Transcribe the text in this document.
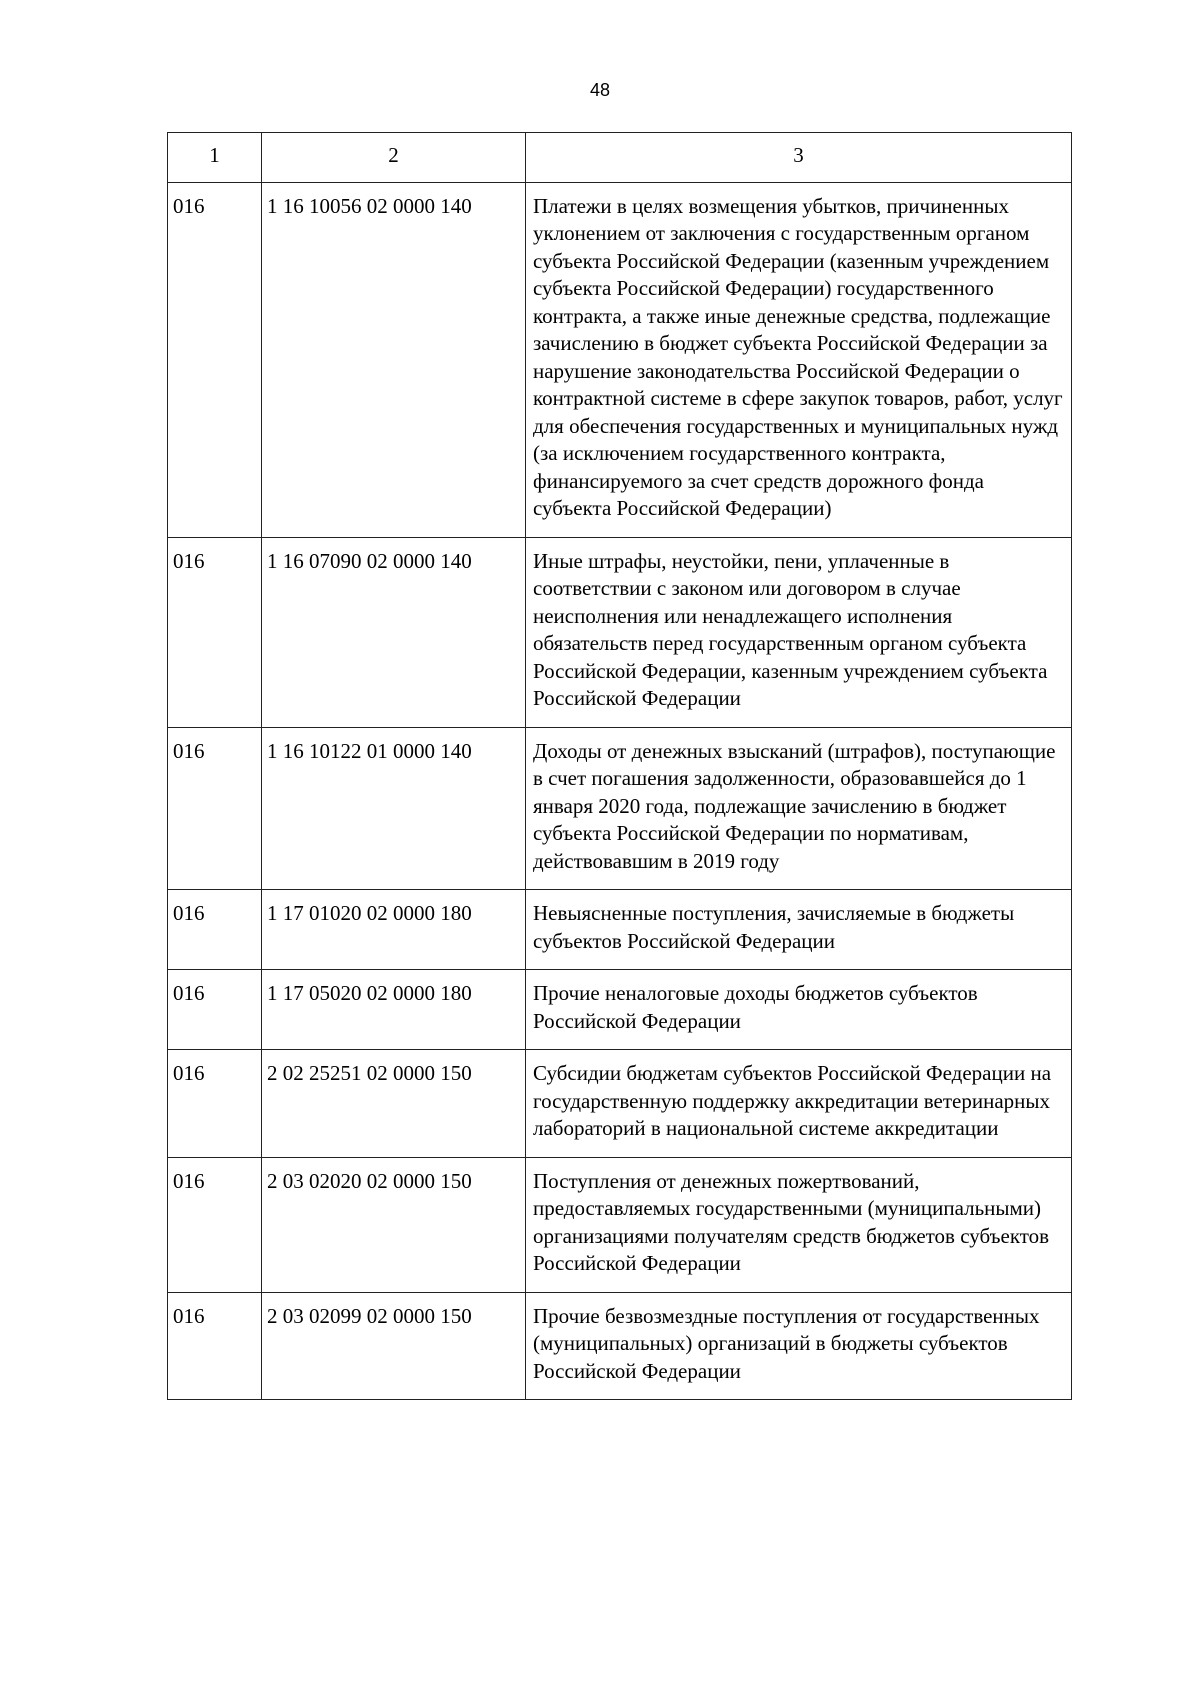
48
1	2	3
016	1 16 10056 02 0000 140	Платежи в целях возмещения убытков, причиненных уклонением от заключения с государственным органом субъекта Российской Федерации (казенным учреждением субъекта Российской Федерации) государственного контракта, а также иные денежные средства, подлежащие зачислению в бюджет субъекта Российской Федерации за нарушение законодательства Российской Федерации о контрактной системе в сфере закупок товаров, работ, услуг для обеспечения государственных и муниципальных нужд (за исключением государственного контракта, финансируемого за счет средств дорожного фонда субъекта Российской Федерации)
016	1 16 07090 02 0000 140	Иные штрафы, неустойки, пени, уплаченные в соответствии с законом или договором в случае неисполнения или ненадлежащего исполнения обязательств перед государственным органом субъекта Российской Федерации, казенным учреждением субъекта Российской Федерации
016	1 16 10122 01 0000 140	Доходы от денежных взысканий (штрафов), поступающие в счет погашения задолженности, образовавшейся до 1 января 2020 года, подлежащие зачислению в бюджет субъекта Российской Федерации по нормативам, действовавшим в 2019 году
016	1 17 01020 02 0000 180	Невыясненные поступления, зачисляемые в бюджеты субъектов Российской Федерации
016	1 17 05020 02 0000 180	Прочие неналоговые доходы бюджетов субъектов Российской Федерации
016	2 02 25251 02 0000 150	Субсидии бюджетам субъектов Российской Федерации на государственную поддержку аккредитации ветеринарных лабораторий в национальной системе аккредитации
016	2 03 02020 02 0000 150	Поступления от денежных пожертвований, предоставляемых государственными (муниципальными) организациями получателям средств бюджетов субъектов Российской Федерации
016	2 03 02099 02 0000 150	Прочие безвозмездные поступления от государственных (муниципальных) организаций в бюджеты субъектов Российской Федерации
